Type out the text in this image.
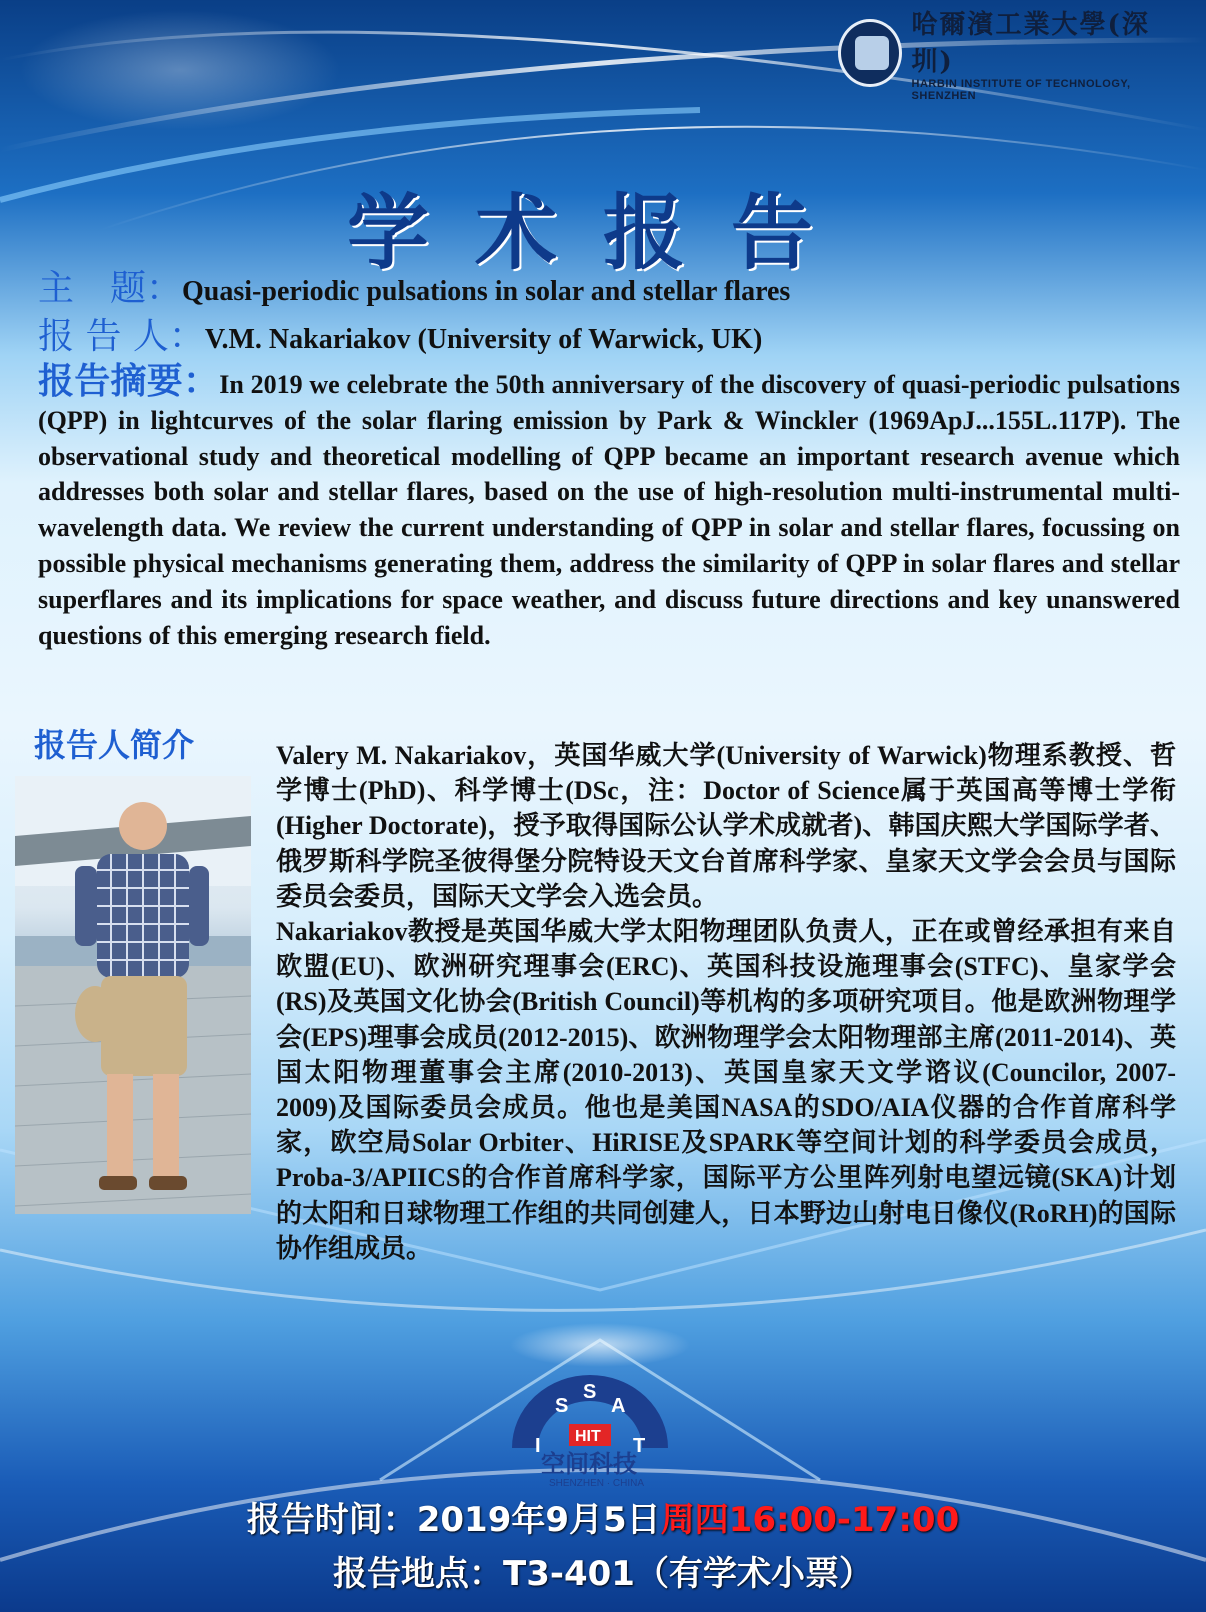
哈爾濱工業大學(深圳)
HARBIN INSTITUTE OF TECHNOLOGY, SHENZHEN
学术报告
主　题：Quasi-periodic pulsations in solar and stellar flares
报 告 人：V.M. Nakariakov (University of Warwick, UK)
报告摘要：In 2019 we celebrate the 50th anniversary of the discovery of quasi-periodic pulsations (QPP) in lightcurves of the solar flaring emission by Park & Winckler (1969ApJ...155L.117P). The observational study and theoretical modelling of QPP became an important research avenue which addresses both solar and stellar flares, based on the use of high-resolution multi-instrumental multi-wavelength data. We review the current understanding of QPP in solar and stellar flares, focussing on possible physical mechanisms generating them, address the similarity of QPP in solar flares and stellar superflares and its implications for space weather, and discuss future directions and key unanswered questions of this emerging research field.
报告人简介	Valery M. Nakariakov，英国华威大学(University of Warwick)物理系教授、哲学博士(PhD)、科学博士(DSc，注：Doctor of Science属于英国高等博士学衔(Higher Doctorate)，授予取得国际公认学术成就者)、韩国庆熙大学国际学者、俄罗斯科学院圣彼得堡分院特设天文台首席科学家、皇家天文学会会员与国际委员会委员，国际天文学会入选会员。

Nakariakov教授是英国华威大学太阳物理团队负责人，正在或曾经承担有来自欧盟(EU)、欧洲研究理事会(ERC)、英国科技设施理事会(STFC)、皇家学会(RS)及英国文化协会(British Council)等机构的多项研究项目。他是欧洲物理学会(EPS)理事会成员(2012-2015)、欧洲物理学会太阳物理部主席(2011-2014)、英国太阳物理董事会主席(2010-2013)、英国皇家天文学谘议(Councilor, 2007-2009)及国际委员会成员。他也是美国NASA的SDO/AIA仪器的合作首席科学家，欧空局Solar Orbiter、HiRISE及SPARK等空间计划的科学委员会成员，Proba-3/APIICS的合作首席科学家，国际平方公里阵列射电望远镜(SKA)计划的太阳和日球物理工作组的共同创建人，日本野边山射电日像仪(RoRH)的国际协作组成员。

I
S
S
A
T
HIT
空间科技
SHENZHEN · CHINA
报告时间：2019年9月5日周四16:00-17:00
报告地点：T3-401（有学术小票）
